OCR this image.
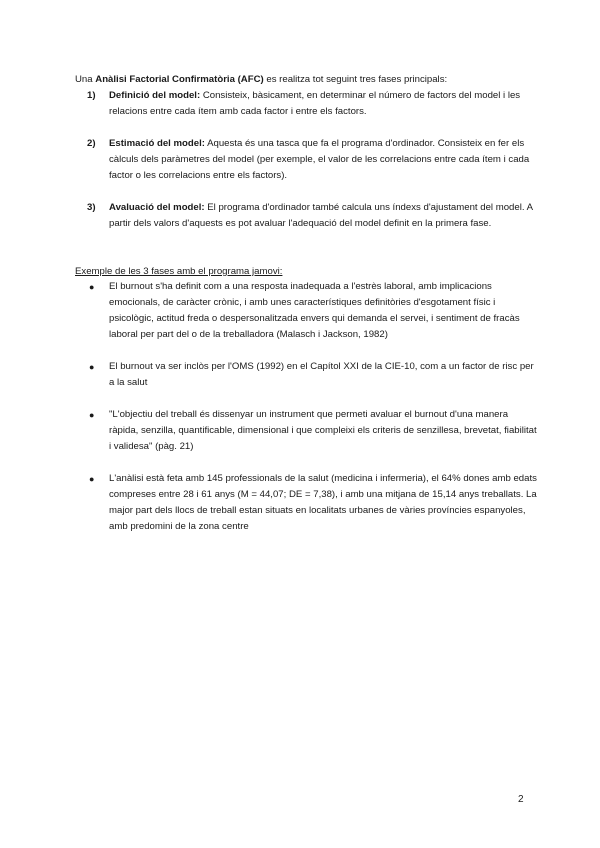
Una Anàlisi Factorial Confirmatòria (AFC) es realitza tot seguint tres fases principals:
1) Definició del model: Consisteix, bàsicament, en determinar el número de factors del model i les relacions entre cada ítem amb cada factor i entre els factors.
2) Estimació del model: Aquesta és una tasca que fa el programa d'ordinador. Consisteix en fer els càlculs dels paràmetres del model (per exemple, el valor de les correlacions entre cada ítem i cada factor o les correlacions entre els factors).
3) Avaluació del model: El programa d'ordinador també calcula uns índexs d'ajustament del model. A partir dels valors d'aquests es pot avaluar l'adequació del model definit en la primera fase.
Exemple de les 3 fases amb el programa jamovi:
● El burnout s'ha definit com a una resposta inadequada a l'estrès laboral, amb implicacions emocionals, de caràcter crònic, i amb unes característiques definitòries d'esgotament físic i psicològic, actitud freda o despersonalitzada envers qui demanda el servei, i sentiment de fracàs laboral per part del o de la treballadora (Malasch i Jackson, 1982)
● El burnout va ser inclòs per l'OMS (1992) en el Capítol XXI de la CIE-10, com a un factor de risc per a la salut
● "L'objectiu del treball és dissenyar un instrument que permeti avaluar el burnout d'una manera ràpida, senzilla, quantificable, dimensional i que compleixi els criteris de senzillesa, brevetat, fiabilitat i validesa" (pàg. 21)
● L'anàlisi està feta amb 145 professionals de la salut (medicina i infermeria), el 64% dones amb edats compreses entre 28 i 61 anys (M = 44,07; DE = 7,38), i amb una mitjana de 15,14 anys treballats. La major part dels llocs de treball estan situats en localitats urbanes de vàries províncies espanyoles, amb predomini de la zona centre
2
